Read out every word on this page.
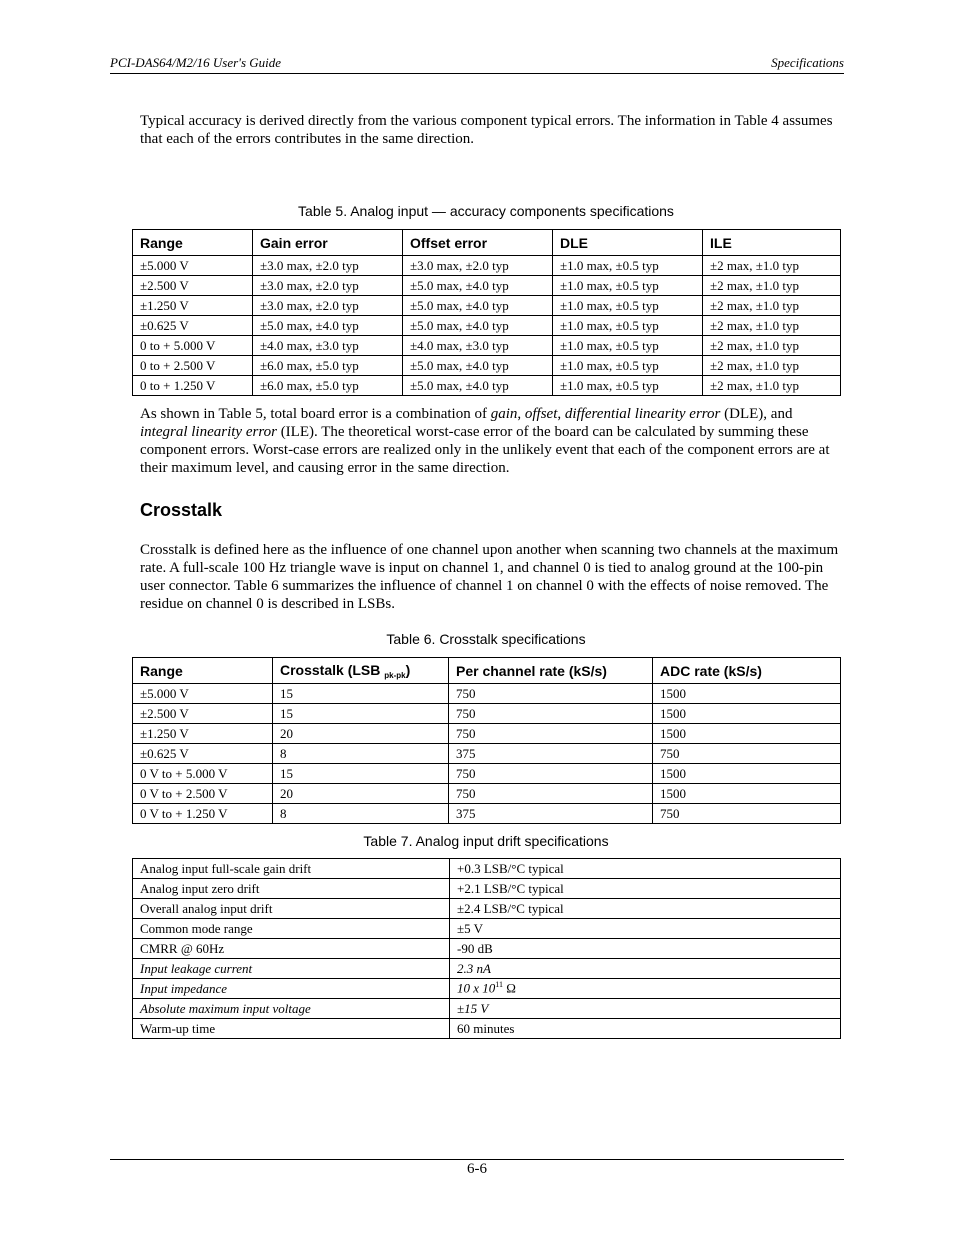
PCI-DAS64/M2/16 User's Guide	Specifications

Typical accuracy is derived directly from the various component typical errors. The information in Table 4 assumes that each of the errors contributes in the same direction.

Table 5. Analog input — accuracy components specifications
Range	Gain error	Offset error	DLE	ILE
±5.000 V	±3.0 max, ±2.0 typ	±3.0 max, ±2.0 typ	±1.0 max, ±0.5 typ	±2 max, ±1.0 typ
±2.500 V	±3.0 max, ±2.0 typ	±5.0 max, ±4.0 typ	±1.0 max, ±0.5 typ	±2 max, ±1.0 typ
±1.250 V	±3.0 max, ±2.0 typ	±5.0 max, ±4.0 typ	±1.0 max, ±0.5 typ	±2 max, ±1.0 typ
±0.625 V	±5.0 max, ±4.0 typ	±5.0 max, ±4.0 typ	±1.0 max, ±0.5 typ	±2 max, ±1.0 typ
0 to + 5.000 V	±4.0 max, ±3.0 typ	±4.0 max, ±3.0 typ	±1.0 max, ±0.5 typ	±2 max, ±1.0 typ
0 to + 2.500 V	±6.0 max, ±5.0 typ	±5.0 max, ±4.0 typ	±1.0 max, ±0.5 typ	±2 max, ±1.0 typ
0 to + 1.250 V	±6.0 max, ±5.0 typ	±5.0 max, ±4.0 typ	±1.0 max, ±0.5 typ	±2 max, ±1.0 typ

As shown in Table 5, total board error is a combination of gain, offset, differential linearity error (DLE), and integral linearity error (ILE). The theoretical worst-case error of the board can be calculated by summing these component errors. Worst-case errors are realized only in the unlikely event that each of the component errors are at their maximum level, and causing error in the same direction.

Crosstalk

Crosstalk is defined here as the influence of one channel upon another when scanning two channels at the maximum rate. A full-scale 100 Hz triangle wave is input on channel 1, and channel 0 is tied to analog ground at the 100-pin user connector. Table 6 summarizes the influence of channel 1 on channel 0 with the effects of noise removed. The residue on channel 0 is described in LSBs.

Table 6. Crosstalk specifications
Range	Crosstalk (LSB $_{pk-pk}$)	Per channel rate (kS/s)	ADC rate (kS/s)
±5.000 V	15	750	1500
±2.500 V	15	750	1500
±1.250 V	20	750	1500
±0.625 V	8	375	750
0 V to + 5.000 V	15	750	1500
0 V to + 2.500 V	20	750	1500
0 V to + 1.250 V	8	375	750
Table 7. Analog input drift specifications
Analog input full-scale gain drift	+0.3 LSB/°C typical
Analog input zero drift	+2.1 LSB/°C typical
Overall analog input drift	±2.4 LSB/°C typical
Common mode range	±5 V
CMRR @ 60Hz	-90 dB
Input leakage current	2.3 nA
Input impedance	10 x $10^{11}$ Ω
Absolute maximum input voltage	±15 V
Warm-up time	60 minutes
6-6
